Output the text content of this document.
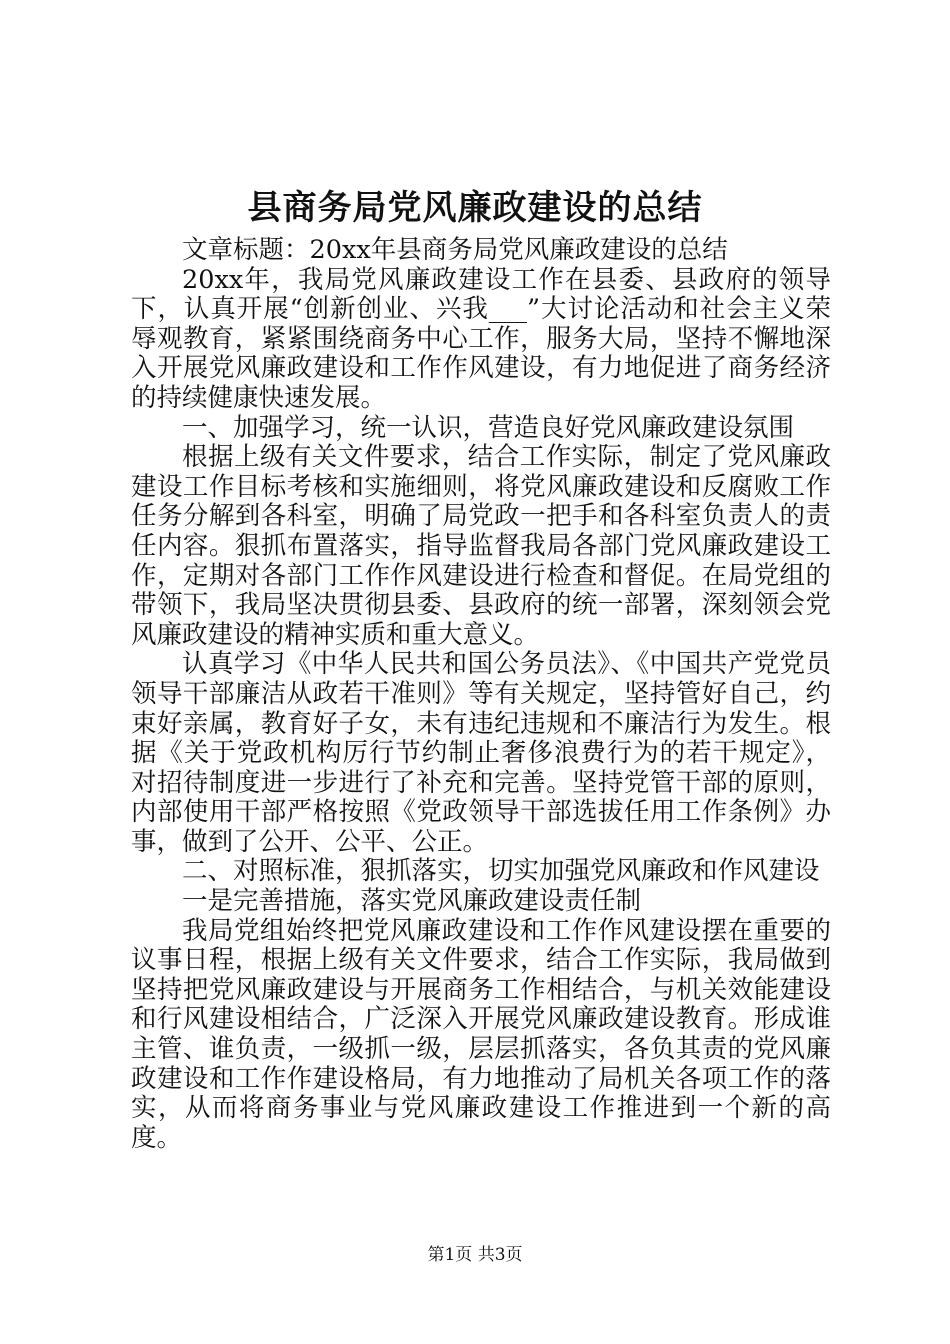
县商务局党风廉政建设的总结

文章标题：20xx年县商务局党风廉政建设的总结

20xx年，我局党风廉政建设工作在县委、县政府的领导下，认真开展“创新创业、兴我___”大讨论活动和社会主义荣辱观教育，紧紧围绕商务中心工作，服务大局，坚持不懈地深入开展党风廉政建设和工作作风建设，有力地促进了商务经济的持续健康快速发展。

一、加强学习，统一认识，营造良好党风廉政建设氛围

根据上级有关文件要求，结合工作实际，制定了党风廉政建设工作目标考核和实施细则，将党风廉政建设和反腐败工作任务分解到各科室，明确了局党政一把手和各科室负责人的责任内容。狠抓布置落实，指导监督我局各部门党风廉政建设工作，定期对各部门工作作风建设进行检查和督促。在局党组的带领下，我局坚决贯彻县委、县政府的统一部署，深刻领会党风廉政建设的精神实质和重大意义。

认真学习《中华人民共和国公务员法》、《中国共产党党员领导干部廉洁从政若干准则》等有关规定，坚持管好自己，约束好亲属，教育好子女，未有违纪违规和不廉洁行为发生。根据《关于党政机构厉行节约制止奢侈浪费行为的若干规定》，对招待制度进一步进行了补充和完善。坚持党管干部的原则，内部使用干部严格按照《党政领导干部选拔任用工作条例》办事，做到了公开、公平、公正。

二、对照标准，狠抓落实，切实加强党风廉政和作风建设

一是完善措施，落实党风廉政建设责任制

我局党组始终把党风廉政建设和工作作风建设摆在重要的议事日程，根据上级有关文件要求，结合工作实际，我局做到坚持把党风廉政建设与开展商务工作相结合，与机关效能建设和行风建设相结合，广泛深入开展党风廉政建设教育。形成谁主管、谁负责，一级抓一级，层层抓落实，各负其责的党风廉政建设和工作作建设格局，有力地推动了局机关各项工作的落实，从而将商务事业与党风廉政建设工作推进到一个新的高度。

第1页 共3页
